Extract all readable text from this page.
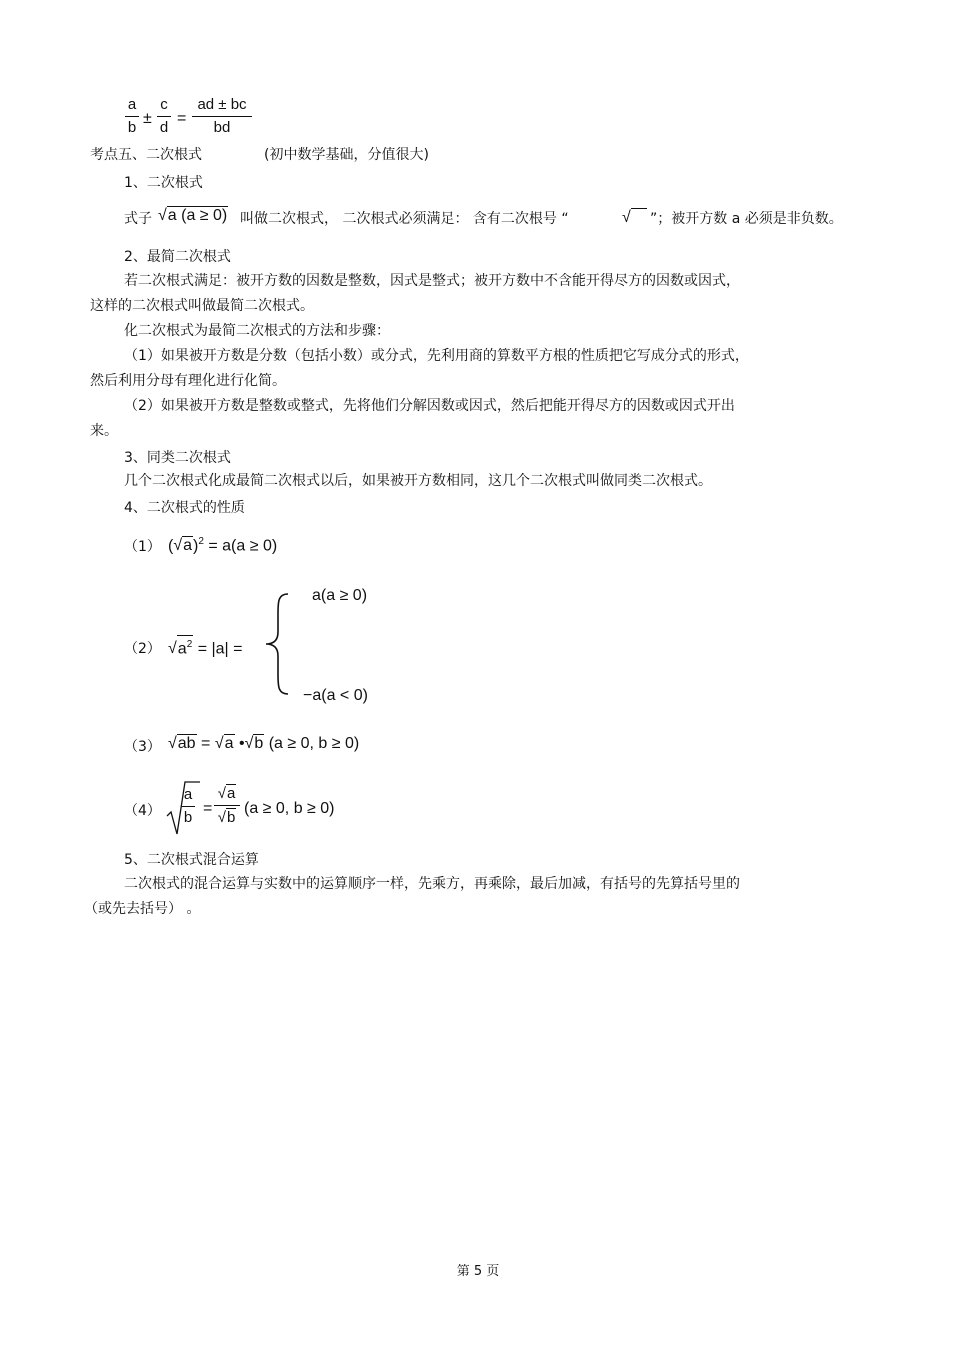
a
b
±
c
d
=
ad ± bc
bd
考点五、二次根式	(初中数学基础，分值很大)
1、二次根式
式子 √a (a ≥ 0) 叫做二次根式， 二次根式必须满足： 含有二次根号 “	√	”；被开方数 a 必须是非负数。
2、最简二次根式
若二次根式满足：被开方数的因数是整数，因式是整式；被开方数中不含能开得尽方的因数或因式，
这样的二次根式叫做最简二次根式。
化二次根式为最简二次根式的方法和步骤：
（1）如果被开方数是分数（包括小数）或分式，先利用商的算数平方根的性质把它写成分式的形式，
然后利用分母有理化进行化简。
（2）如果被开方数是整数或整式，先将他们分解因数或因式，然后把能开得尽方的因数或因式开出
来。
3、同类二次根式
几个二次根式化成最简二次根式以后，如果被开方数相同，这几个二次根式叫做同类二次根式。
4、二次根式的性质
（1） $(√a)^2 = a(a \ge 0)$
（2） $√a^2 = |a|$ =
a(a ≥ 0)
−a(a < 0)
（3） √ab = √a •√b (a ≥ 0, b ≥ 0)
（4）
a
b
=
√a
√b
(a ≥ 0, b ≥ 0)
5、二次根式混合运算
二次根式的混合运算与实数中的运算顺序一样，先乘方，再乘除，最后加减，有括号的先算括号里的
（或先去括号） 。
第 5 页
